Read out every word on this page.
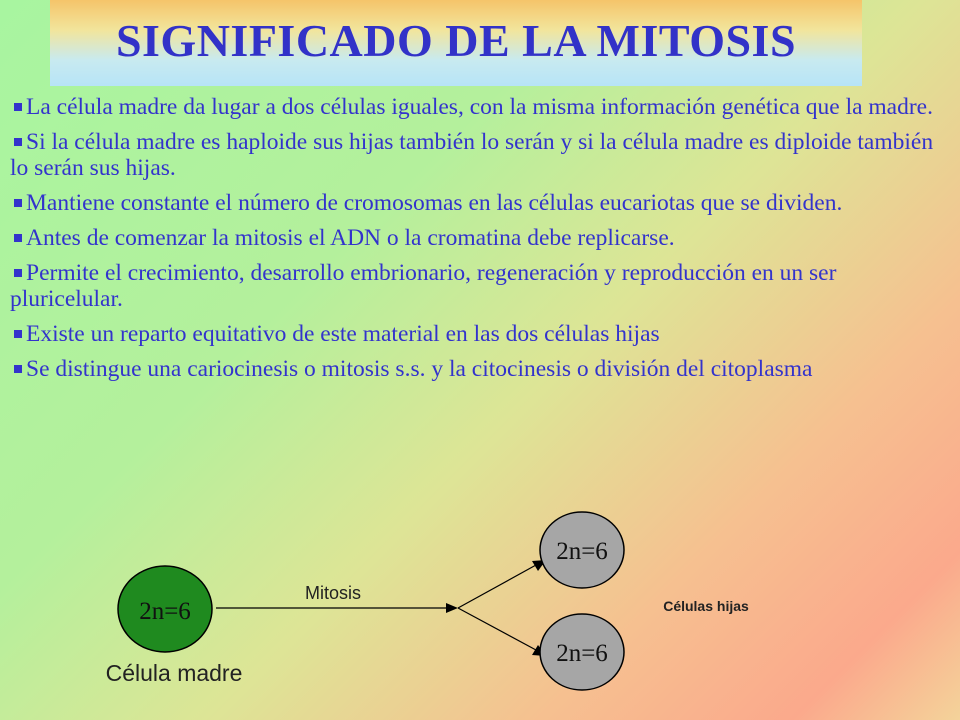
SIGNIFICADO DE LA MITOSIS
La célula madre da lugar a dos células iguales, con la misma información genética que la madre.
Si la célula madre es haploide sus hijas también lo serán y si la célula madre es diploide también lo serán sus hijas.
Mantiene constante el número de cromosomas en las células eucariotas que se dividen.
Antes de comenzar la mitosis el ADN o la cromatina debe replicarse.
Permite el crecimiento, desarrollo embrionario, regeneración y reproducción en un ser pluricelular.
Existe un reparto equitativo de este material en las dos células hijas
Se distingue una cariocinesis o mitosis s.s. y la citocinesis o división del citoplasma
2n=6
Mitosis
2n=6
2n=6
Célula madre
Células hijas
